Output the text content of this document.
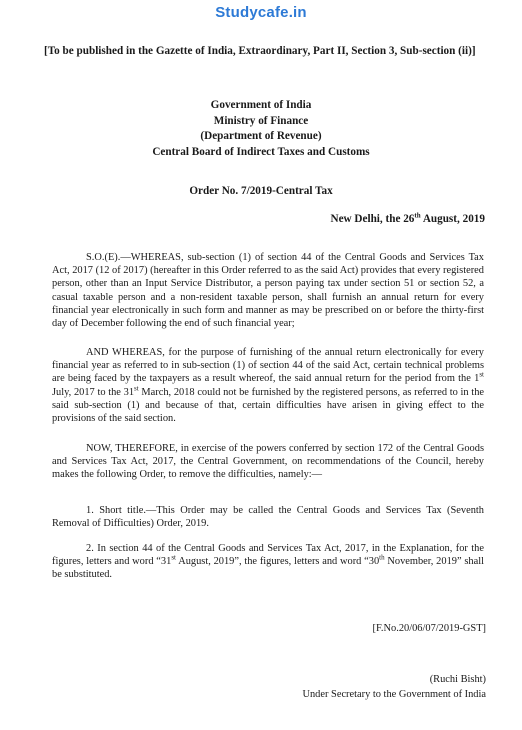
Studycafe.in
[To be published in the Gazette of India, Extraordinary, Part II, Section 3, Sub-section (ii)]
Government of India
Ministry of Finance
(Department of Revenue)
Central Board of Indirect Taxes and Customs
Order No. 7/2019-Central Tax
New Delhi, the 26th August, 2019

S.O.(E).—WHEREAS, sub-section (1) of section 44 of the Central Goods and Services Tax Act, 2017 (12 of 2017) (hereafter in this Order referred to as the said Act) provides that every registered person, other than an Input Service Distributor, a person paying tax under section 51 or section 52, a casual taxable person and a non-resident taxable person, shall furnish an annual return for every financial year electronically in such form and manner as may be prescribed on or before the thirty-first day of December following the end of such financial year;

AND WHEREAS, for the purpose of furnishing of the annual return electronically for every financial year as referred to in sub-section (1) of section 44 of the said Act, certain technical problems are being faced by the taxpayers as a result whereof, the said annual return for the period from the 1st July, 2017 to the 31st March, 2018 could not be furnished by the registered persons, as referred to in the said sub-section (1) and because of that, certain difficulties have arisen in giving effect to the provisions of the said section.

NOW, THEREFORE, in exercise of the powers conferred by section 172 of the Central Goods and Services Tax Act, 2017, the Central Government, on recommendations of the Council, hereby makes the following Order, to remove the difficulties, namely:—

1. Short title.—This Order may be called the Central Goods and Services Tax (Seventh Removal of Difficulties) Order, 2019.

2. In section 44 of the Central Goods and Services Tax Act, 2017, in the Explanation, for the figures, letters and word “31st August, 2019”, the figures, letters and word “30th November, 2019” shall be substituted.

[F.No.20/06/07/2019-GST]
(Ruchi Bisht)
Under Secretary to the Government of India
